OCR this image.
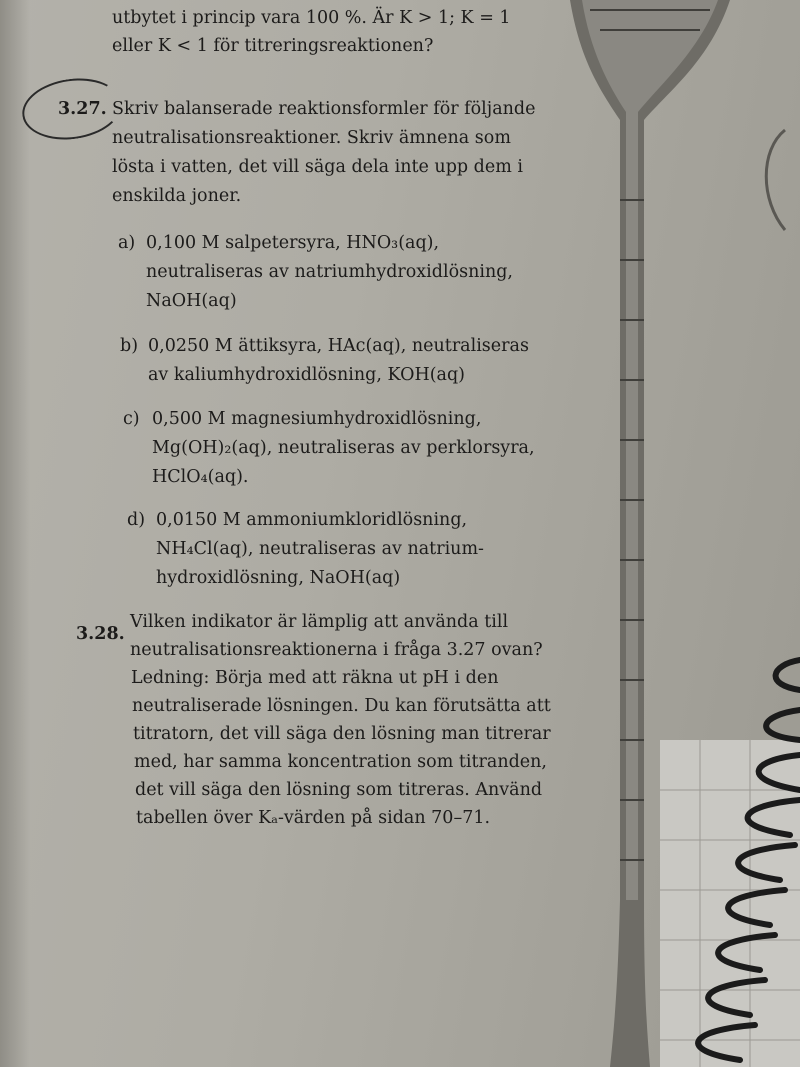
utbytet i princip vara 100 %. Är K > 1; K = 1
eller K < 1 för titreringsreaktionen?
3.27. Skriv balanserade reaktionsformler för följande
neutralisationsreaktioner. Skriv ämnena som
lösta i vatten, det vill säga dela inte upp dem i
enskilda joner.
a) 0,100 M salpetersyra, HNO₃(aq),
neutraliseras av natriumhydroxidlösning,
NaOH(aq)
b) 0,0250 M ättiksyra, HAc(aq), neutraliseras
av kaliumhydroxidlösning, KOH(aq)
c) 0,500 M magnesiumhydroxidlösning,
Mg(OH)₂(aq), neutraliseras av perklorsyra,
HClO₄(aq).
d) 0,0150 M ammoniumkloridlösning,
NH₄Cl(aq), neutraliseras av natrium-
hydroxidlösning, NaOH(aq)
3.28.
Vilken indikator är lämplig att använda till
neutralisationsreaktionerna i fråga 3.27 ovan?
Ledning: Börja med att räkna ut pH i den
neutraliserade lösningen. Du kan förutsätta att
titratorn, det vill säga den lösning man titrerar
med, har samma koncentration som titranden,
det vill säga den lösning som titreras. Använd
tabellen över Kₐ-värden på sidan 70–71.
